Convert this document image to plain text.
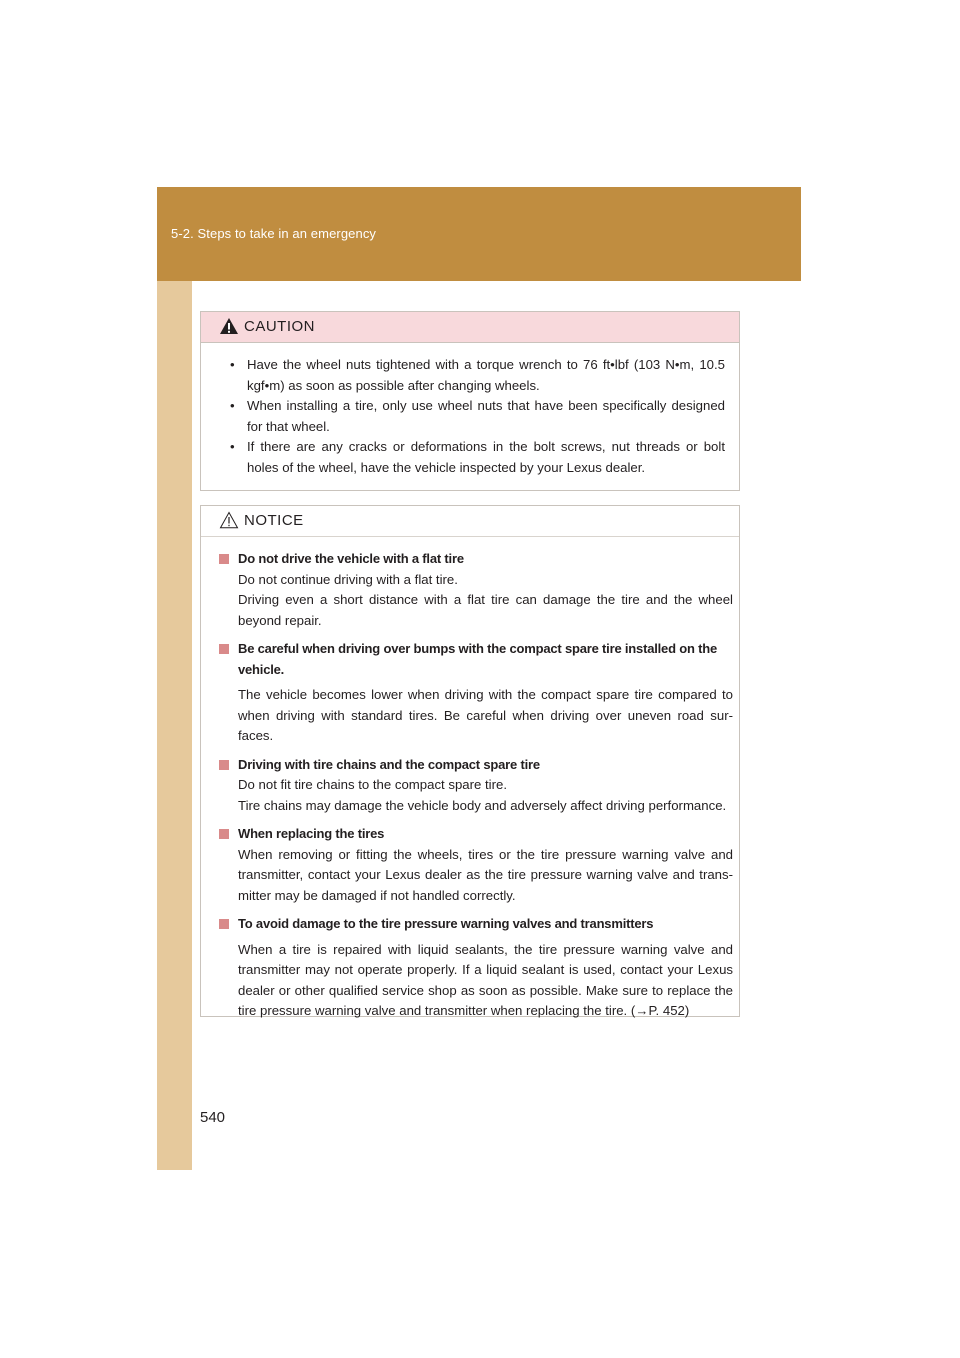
5-2. Steps to take in an emergency
CAUTION
• Have the wheel nuts tightened with a torque wrench to 76 ft•lbf (103 N•m, 10.5 kgf•m) as soon as possible after changing wheels.
• When installing a tire, only use wheel nuts that have been specifically designed for that wheel.
• If there are any cracks or deformations in the bolt screws, nut threads or bolt holes of the wheel, have the vehicle inspected by your Lexus dealer.
NOTICE
Do not drive the vehicle with a flat tire
Do not continue driving with a flat tire.
Driving even a short distance with a flat tire can damage the tire and the wheel beyond repair.
Be careful when driving over bumps with the compact spare tire installed on the vehicle.
The vehicle becomes lower when driving with the compact spare tire compared to when driving with standard tires. Be careful when driving over uneven road sur-faces.
Driving with tire chains and the compact spare tire
Do not fit tire chains to the compact spare tire.
Tire chains may damage the vehicle body and adversely affect driving performance.
When replacing the tires
When removing or fitting the wheels, tires or the tire pressure warning valve and transmitter, contact your Lexus dealer as the tire pressure warning valve and trans-mitter may be damaged if not handled correctly.
To avoid damage to the tire pressure warning valves and transmitters
When a tire is repaired with liquid sealants, the tire pressure warning valve and transmitter may not operate properly. If a liquid sealant is used, contact your Lexus dealer or other qualified service shop as soon as possible. Make sure to replace the tire pressure warning valve and transmitter when replacing the tire. (→P. 452)
540
